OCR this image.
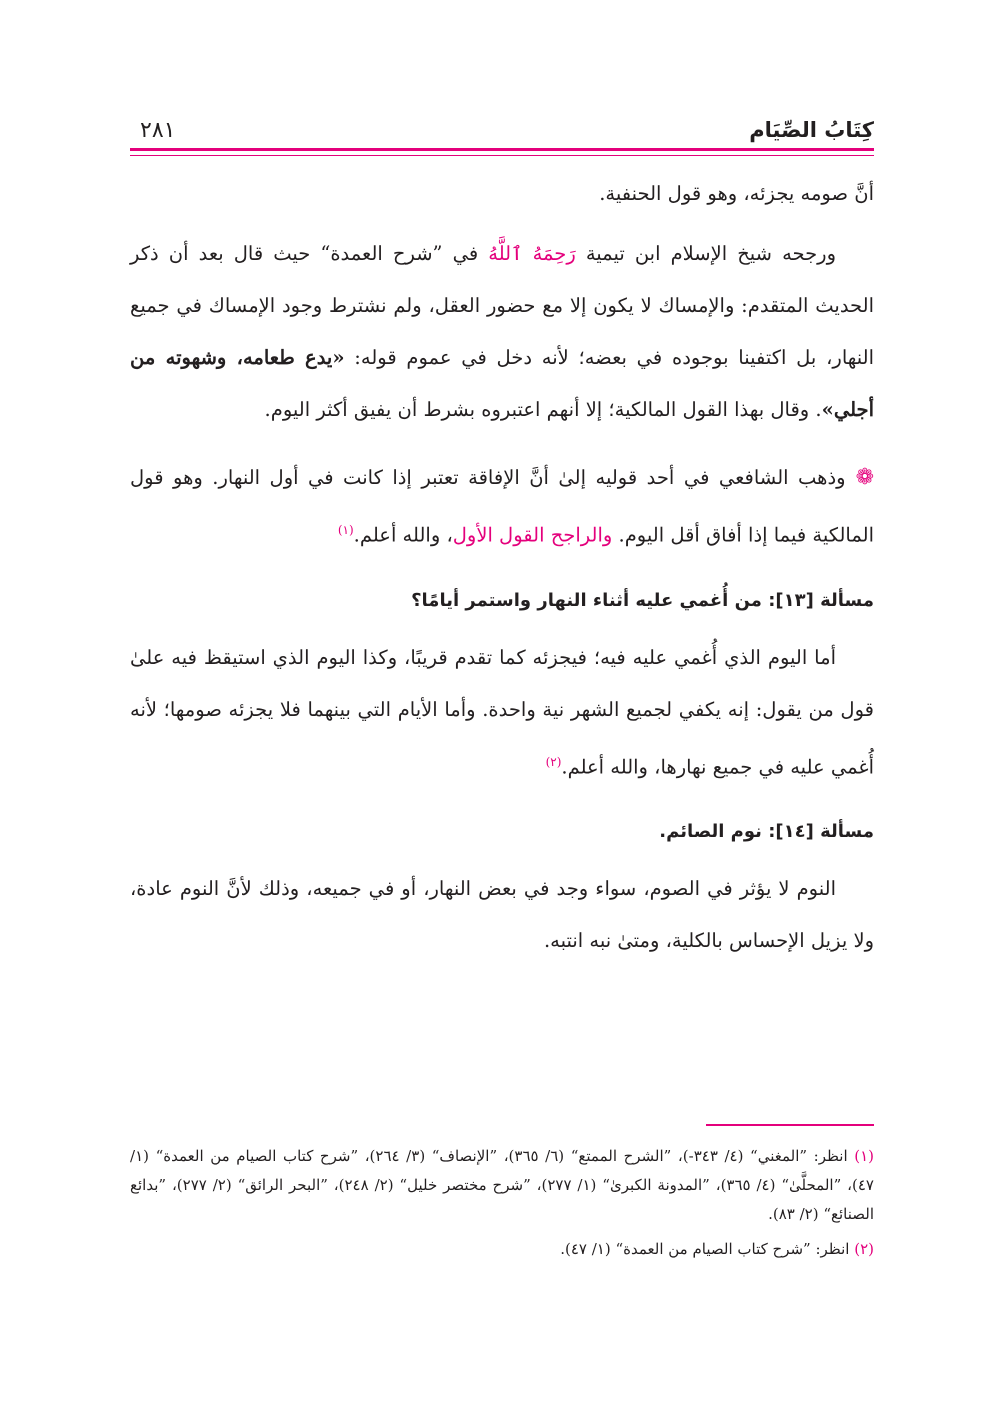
كِتَابُ الصِّيَام
٢٨١

أنَّ صومه يجزئه، وهو قول الحنفية.

ورجحه شيخ الإسلام ابن تيمية رَحِمَهُ ٱللَّهُ في ”شرح العمدة“ حيث قال بعد أن ذكر الحديث المتقدم: والإمساك لا يكون إلا مع حضور العقل، ولم نشترط وجود الإمساك في جميع النهار، بل اكتفينا بوجوده في بعضه؛ لأنه دخل في عموم قوله: «يدع طعامه، وشهوته من أجلي». وقال بهذا القول المالكية؛ إلا أنهم اعتبروه بشرط أن يفيق أكثر اليوم.

❁وذهب الشافعي في أحد قوليه إلىٰ أنَّ الإفاقة تعتبر إذا كانت في أول النهار. وهو قول المالكية فيما إذا أفاق أقل اليوم. والراجح القول الأول، والله أعلم.$^{(١)}$

مسألة [١٣]: من أُغمي عليه أثناء النهار واستمر أيامًا؟

أما اليوم الذي أُغمي عليه فيه؛ فيجزئه كما تقدم قريبًا، وكذا اليوم الذي استيقظ فيه علىٰ قول من يقول: إنه يكفي لجميع الشهر نية واحدة. وأما الأيام التي بينهما فلا يجزئه صومها؛ لأنه أُغمي عليه في جميع نهارها، والله أعلم.$^{(٢)}$

مسألة [١٤]: نوم الصائم.

النوم لا يؤثر في الصوم، سواء وجد في بعض النهار، أو في جميعه، وذلك لأنَّ النوم عادة، ولا يزيل الإحساس بالكلية، ومتىٰ نبه انتبه.

(١) انظر: ”المغني“ (٤/ ٣٤٣-)، ”الشرح الممتع“ (٦/ ٣٦٥)، ”الإنصاف“ (٣/ ٢٦٤)، ”شرح كتاب الصيام من العمدة“ (١/ ٤٧)، ”المحلَّىٰ“ (٤/ ٣٦٥)، ”المدونة الكبرىٰ“ (١/ ٢٧٧)، ”شرح مختصر خليل“ (٢/ ٢٤٨)، ”البحر الرائق“ (٢/ ٢٧٧)، ”بدائع الصنائع“ (٢/ ٨٣).

(٢) انظر: ”شرح كتاب الصيام من العمدة“ (١/ ٤٧).
